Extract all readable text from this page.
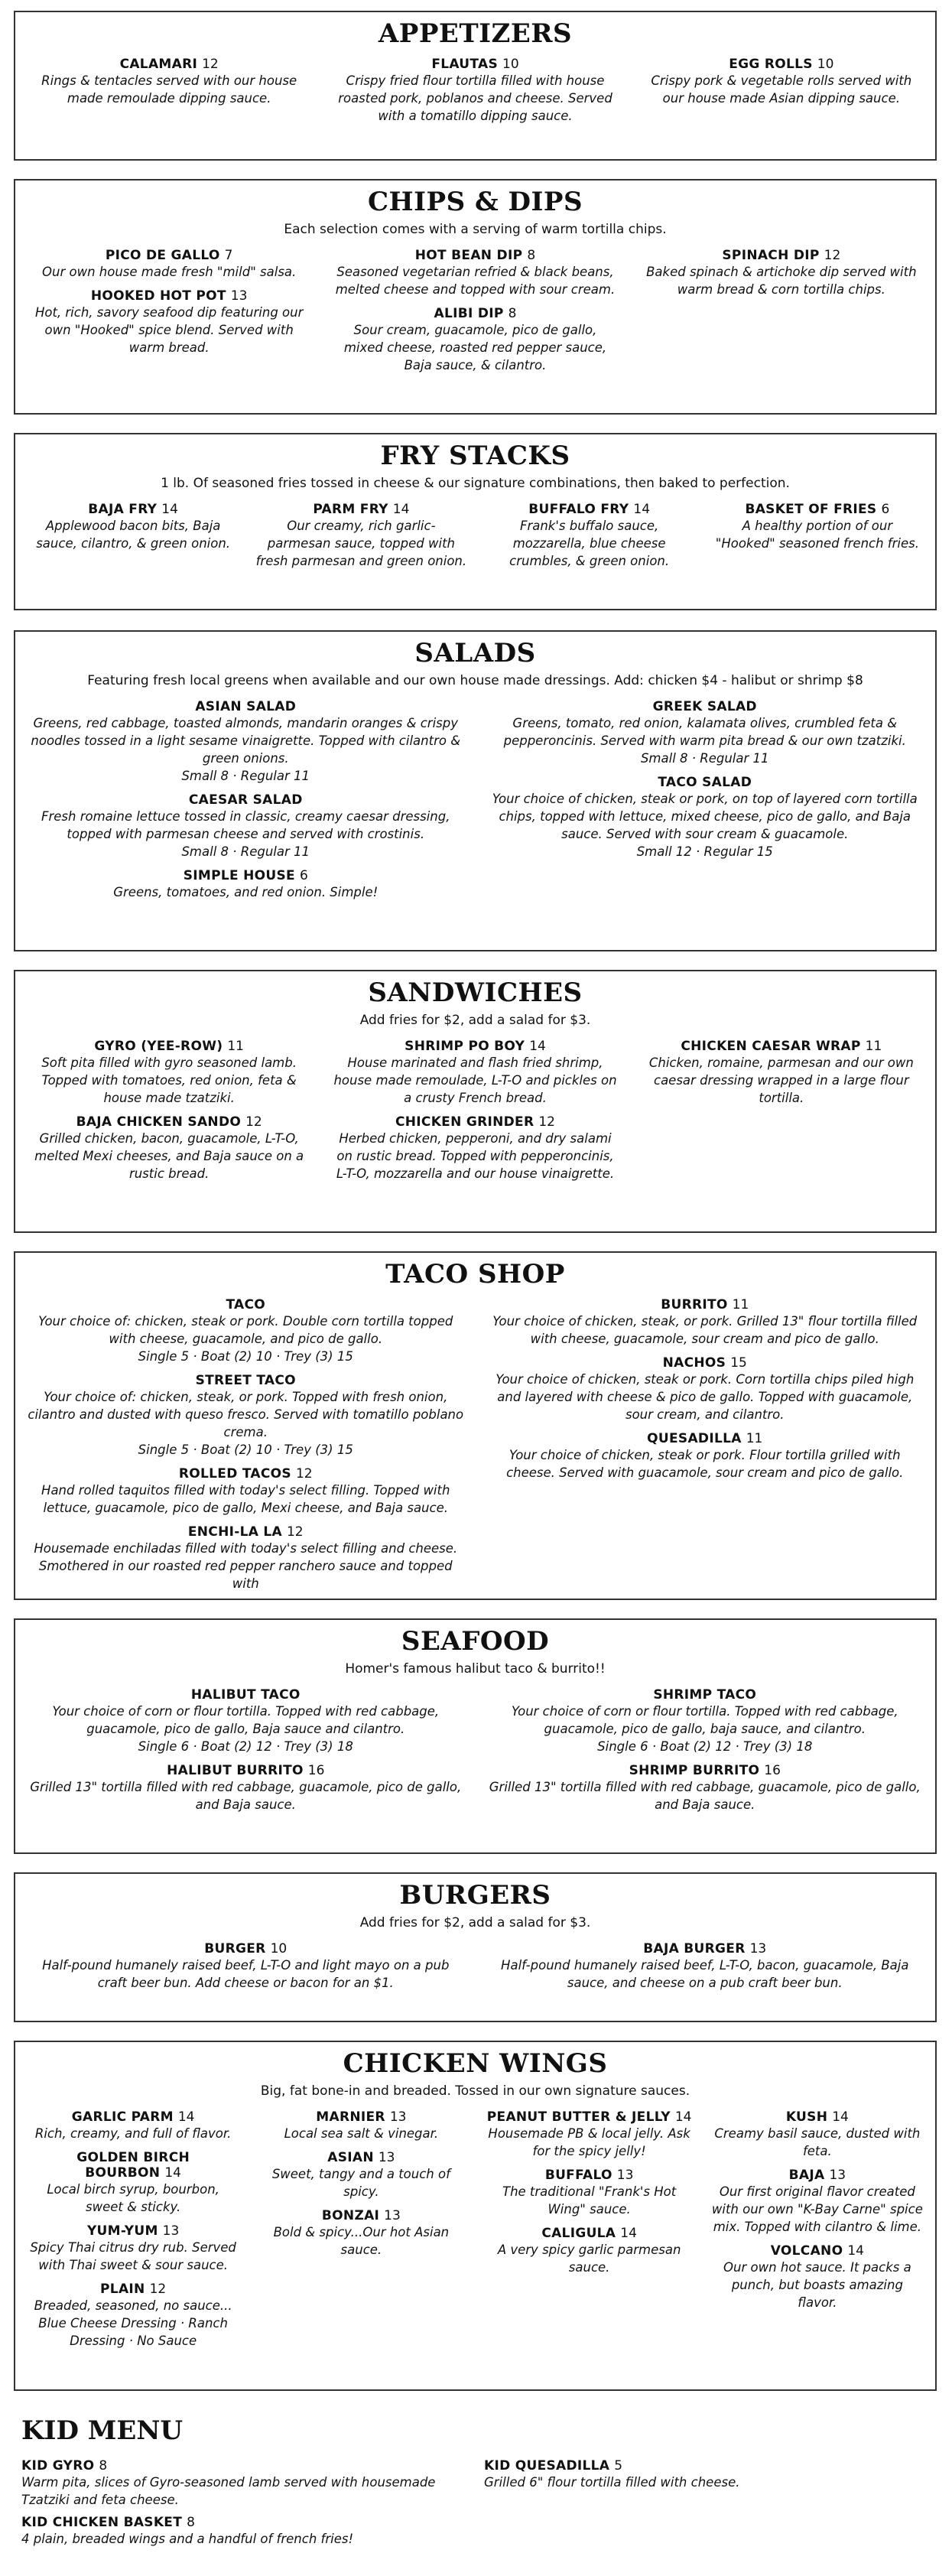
APPETIZERS
CALAMARI 12
Rings & tentacles served with our house made remoulade dipping sauce.
FLAUTAS 10
Crispy fried flour tortilla filled with house roasted pork, poblanos and cheese. Served with a tomatillo dipping sauce.
EGG ROLLS 10
Crispy pork & vegetable rolls served with our house made Asian dipping sauce.
CHIPS & DIPS
Each selection comes with a serving of warm tortilla chips.
PICO DE GALLO 7
Our own house made fresh "mild" salsa.
HOOKED HOT POT 13
Hot, rich, savory seafood dip featuring our own "Hooked" spice blend. Served with warm bread.
HOT BEAN DIP 8
Seasoned vegetarian refried & black beans, melted cheese and topped with sour cream.
ALIBI DIP 8
Sour cream, guacamole, pico de gallo, mixed cheese, roasted red pepper sauce, Baja sauce, & cilantro.
SPINACH DIP 12
Baked spinach & artichoke dip served with warm bread & corn tortilla chips.
FRY STACKS
1 lb. Of seasoned fries tossed in cheese & our signature combinations, then baked to perfection.
BAJA FRY 14
Applewood bacon bits, Baja sauce, cilantro, & green onion.
PARM FRY 14
Our creamy, rich garlic-parmesan sauce, topped with fresh parmesan and green onion.
BUFFALO FRY 14
Frank's buffalo sauce, mozzarella, blue cheese crumbles, & green onion.
BASKET OF FRIES 6
A healthy portion of our "Hooked" seasoned french fries.
SALADS
Featuring fresh local greens when available and our own house made dressings. Add: chicken $4 - halibut or shrimp $8
ASIAN SALAD
Greens, red cabbage, toasted almonds, mandarin oranges & crispy noodles tossed in a light sesame vinaigrette. Topped with cilantro & green onions.
Small 8 · Regular 11
CAESAR SALAD
Fresh romaine lettuce tossed in classic, creamy caesar dressing, topped with parmesan cheese and served with crostinis.
Small 8 · Regular 11
SIMPLE HOUSE 6
Greens, tomatoes, and red onion. Simple!
GREEK SALAD
Greens, tomato, red onion, kalamata olives, crumbled feta & pepperoncinis. Served with warm pita bread & our own tzatziki.
Small 8 · Regular 11
TACO SALAD
Your choice of chicken, steak or pork, on top of layered corn tortilla chips, topped with lettuce, mixed cheese, pico de gallo, and Baja sauce. Served with sour cream & guacamole.
Small 12 · Regular 15
SANDWICHES
Add fries for $2, add a salad for $3.
GYRO (YEE-ROW) 11
Soft pita filled with gyro seasoned lamb. Topped with tomatoes, red onion, feta & house made tzatziki.
BAJA CHICKEN SANDO 12
Grilled chicken, bacon, guacamole, L-T-O, melted Mexi cheeses, and Baja sauce on a rustic bread.
SHRIMP PO BOY 14
House marinated and flash fried shrimp, house made remoulade, L-T-O and pickles on a crusty French bread.
CHICKEN GRINDER 12
Herbed chicken, pepperoni, and dry salami on rustic bread. Topped with pepperoncinis, L-T-O, mozzarella and our house vinaigrette.
CHICKEN CAESAR WRAP 11
Chicken, romaine, parmesan and our own caesar dressing wrapped in a large flour tortilla.
TACO SHOP
TACO
Your choice of: chicken, steak or pork. Double corn tortilla topped with cheese, guacamole, and pico de gallo.
Single 5 · Boat (2) 10 · Trey (3) 15
STREET TACO
Your choice of: chicken, steak, or pork. Topped with fresh onion, cilantro and dusted with queso fresco. Served with tomatillo poblano crema.
Single 5 · Boat (2) 10 · Trey (3) 15
ROLLED TACOS 12
Hand rolled taquitos filled with today's select filling. Topped with lettuce, guacamole, pico de gallo, Mexi cheese, and Baja sauce.
ENCHI-LA LA 12
Housemade enchiladas filled with today's select filling and cheese. Smothered in our roasted red pepper ranchero sauce and topped with
BURRITO 11
Your choice of chicken, steak, or pork. Grilled 13" flour tortilla filled with cheese, guacamole, sour cream and pico de gallo.
NACHOS 15
Your choice of chicken, steak or pork. Corn tortilla chips piled high and layered with cheese & pico de gallo. Topped with guacamole, sour cream, and cilantro.
QUESADILLA 11
Your choice of chicken, steak or pork. Flour tortilla grilled with cheese. Served with guacamole, sour cream and pico de gallo.
SEAFOOD
Homer's famous halibut taco & burrito!!
HALIBUT TACO
Your choice of corn or flour tortilla. Topped with red cabbage, guacamole, pico de gallo, Baja sauce and cilantro.
Single 6 · Boat (2) 12 · Trey (3) 18
HALIBUT BURRITO 16
Grilled 13" tortilla filled with red cabbage, guacamole, pico de gallo, and Baja sauce.
SHRIMP TACO
Your choice of corn or flour tortilla. Topped with red cabbage, guacamole, pico de gallo, baja sauce, and cilantro.
Single 6 · Boat (2) 12 · Trey (3) 18
SHRIMP BURRITO 16
Grilled 13" tortilla filled with red cabbage, guacamole, pico de gallo, and Baja sauce.
BURGERS
Add fries for $2, add a salad for $3.
BURGER 10
Half-pound humanely raised beef, L-T-O and light mayo on a pub craft beer bun. Add cheese or bacon for an $1.
BAJA BURGER 13
Half-pound humanely raised beef, L-T-O, bacon, guacamole, Baja sauce, and cheese on a pub craft beer bun.
CHICKEN WINGS
Big, fat bone-in and breaded. Tossed in our own signature sauces.
GARLIC PARM 14
Rich, creamy, and full of flavor.
GOLDEN BIRCH BOURBON 14
Local birch syrup, bourbon, sweet & sticky.
YUM-YUM 13
Spicy Thai citrus dry rub. Served with Thai sweet & sour sauce.
PLAIN 12
Breaded, seasoned, no sauce... Blue Cheese Dressing · Ranch Dressing · No Sauce
MARNIER 13
Local sea salt & vinegar.
ASIAN 13
Sweet, tangy and a touch of spicy.
BONZAI 13
Bold & spicy...Our hot Asian sauce.
PEANUT BUTTER & JELLY 14
Housemade PB & local jelly. Ask for the spicy jelly!
BUFFALO 13
The traditional "Frank's Hot Wing" sauce.
CALIGULA 14
A very spicy garlic parmesan sauce.
KUSH 14
Creamy basil sauce, dusted with feta.
BAJA 13
Our first original flavor created with our own "K-Bay Carne" spice mix. Topped with cilantro & lime.
VOLCANO 14
Our own hot sauce. It packs a punch, but boasts amazing flavor.
KID MENU
KID GYRO 8
Warm pita, slices of Gyro-seasoned lamb served with housemade Tzatziki and feta cheese.
KID CHICKEN BASKET 8
4 plain, breaded wings and a handful of french fries!
KID QUESADILLA 5
Grilled 6" flour tortilla filled with cheese.
